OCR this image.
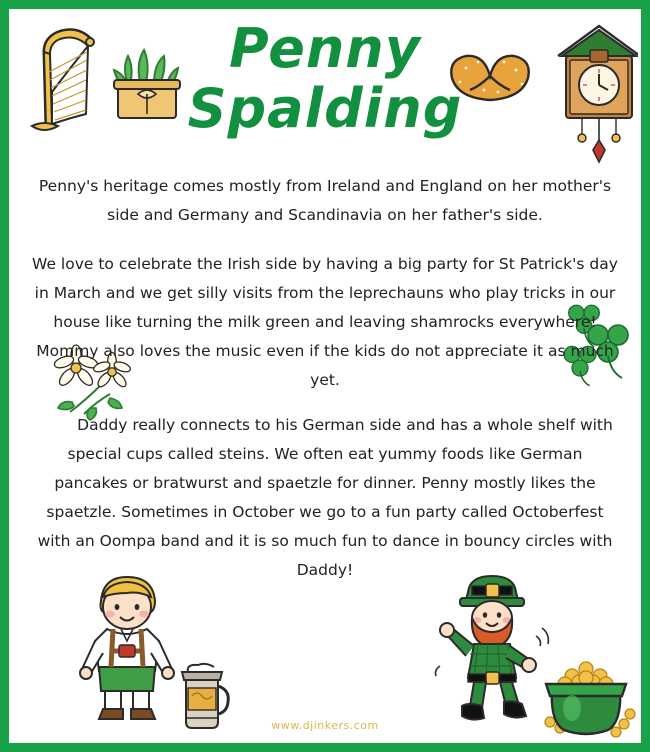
Penny
Spalding

Penny's heritage comes mostly from Ireland and England on her mother's side and Germany and Scandinavia on her father's side.

We love to celebrate the Irish side by having a big party for St Patrick's day in March and we get silly visits from the leprechauns who play tricks in our house like turning the milk green and leaving shamrocks everywhere! Mommy also loves the music even if the kids do not appreciate it as much yet.

Daddy really connects to his German side and has a whole shelf with special cups called steins. We often eat yummy foods like German pancakes or bratwurst and spaetzle for dinner. Penny mostly likes the spaetzle. Sometimes in October we go to a fun party called Octoberfest with an Oompa band and it is so much fun to dance in bouncy circles with Daddy!

www.djinkers.com
